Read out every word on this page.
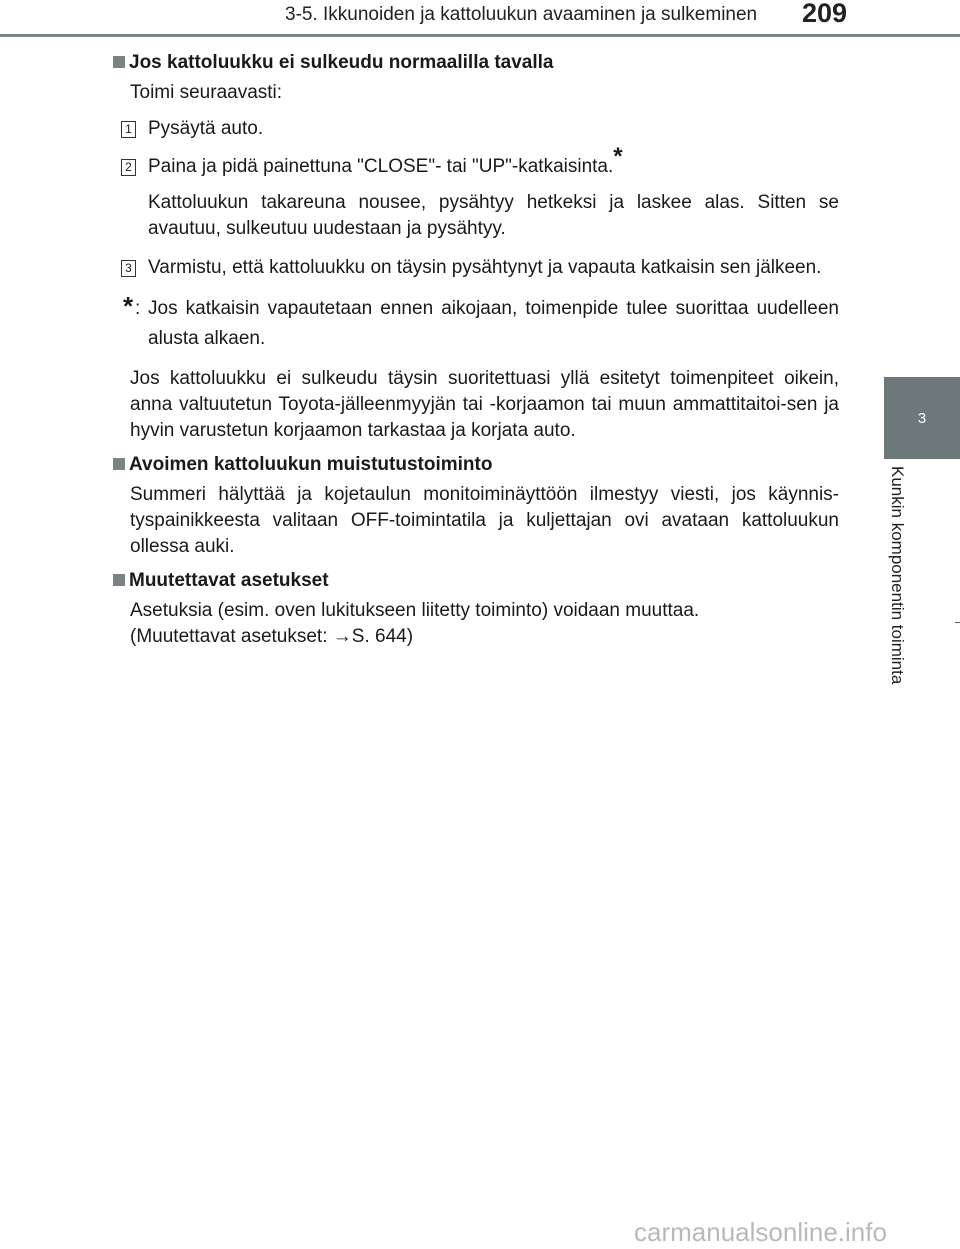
3-5. Ikkunoiden ja kattoluukun avaaminen ja sulkeminen 209
3
Kunkin komponentin toiminta
Jos kattoluukku ei sulkeudu normaalilla tavalla
Toimi seuraavasti:
1 Pysäytä auto.
2 Paina ja pidä painettuna "CLOSE"- tai "UP"-katkaisinta.*
Kattoluukun takareuna nousee, pysähtyy hetkeksi ja laskee alas. Sitten se avautuu, sulkeutuu uudestaan ja pysähtyy.
3 Varmistu, että kattoluukku on täysin pysähtynyt ja vapauta katkaisin sen jälkeen.
* : Jos katkaisin vapautetaan ennen aikojaan, toimenpide tulee suorittaa uudelleen alusta alkaen.
Jos kattoluukku ei sulkeudu täysin suoritettuasi yllä esitetyt toimenpiteet oikein, anna valtuutetun Toyota-jälleenmyyjän tai -korjaamon tai muun ammattitaitoi-sen ja hyvin varustetun korjaamon tarkastaa ja korjata auto.
Avoimen kattoluukun muistutustoiminto
Summeri hälyttää ja kojetaulun monitoiminäyttöön ilmestyy viesti, jos käynnis-tyspainikkeesta valitaan OFF-toimintatila ja kuljettajan ovi avataan kattoluukun ollessa auki.
Muutettavat asetukset
Asetuksia (esim. oven lukitukseen liitetty toiminto) voidaan muuttaa.
(Muutettavat asetukset: →S. 644)
carmanualsonline.info
